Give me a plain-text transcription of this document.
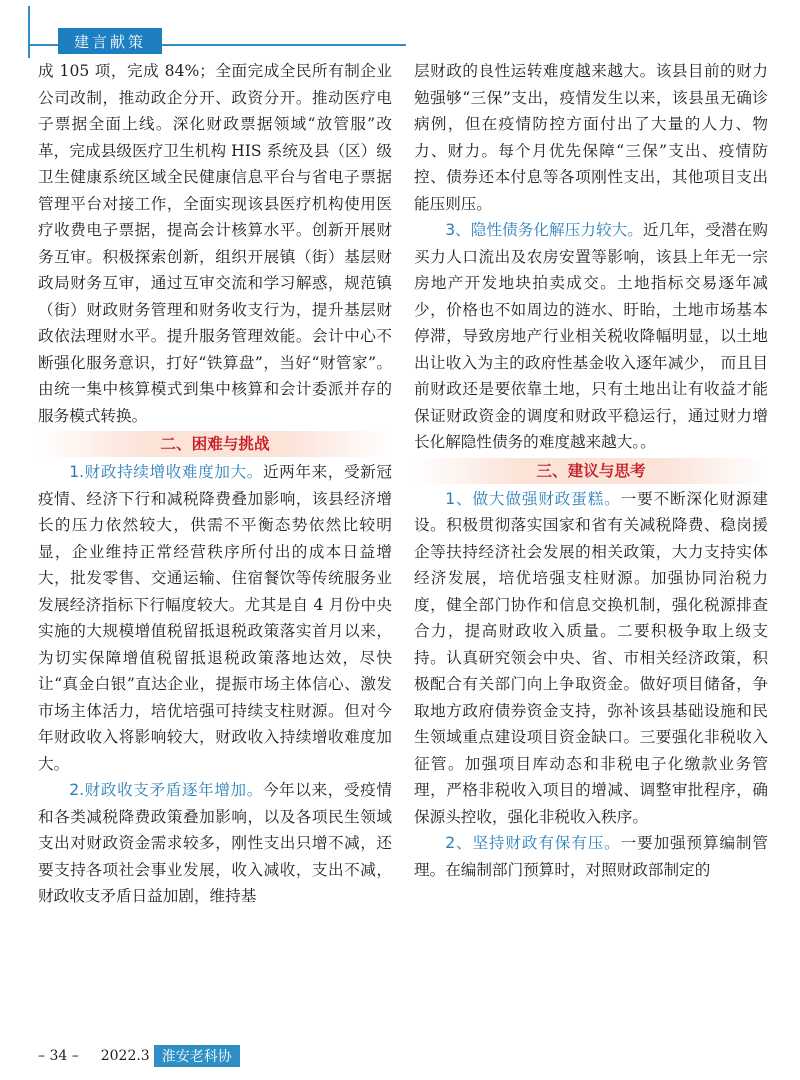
建言献策

成 105 项，完成 84%；全面完成全民所有制企业公司改制，推动政企分开、政资分开。推动医疗电子票据全面上线。深化财政票据领域“放管服”改革，完成县级医疗卫生机构 HIS 系统及县（区）级卫生健康系统区域全民健康信息平台与省电子票据管理平台对接工作，全面实现该县医疗机构使用医疗收费电子票据，提高会计核算水平。创新开展财务互审。积极探索创新，组织开展镇（街）基层财政局财务互审，通过互审交流和学习解惑，规范镇（街）财政财务管理和财务收支行为，提升基层财政依法理财水平。提升服务管理效能。会计中心不断强化服务意识，打好“铁算盘”，当好“财管家”。由统一集中核算模式到集中核算和会计委派并存的服务模式转换。

二、困难与挑战

1.财政持续增收难度加大。近两年来，受新冠疫情、经济下行和减税降费叠加影响，该县经济增长的压力依然较大，供需不平衡态势依然比较明显，企业维持正常经营秩序所付出的成本日益增大，批发零售、交通运输、住宿餐饮等传统服务业发展经济指标下行幅度较大。尤其是自 4 月份中央实施的大规模增值税留抵退税政策落实首月以来，为切实保障增值税留抵退税政策落地达效，尽快让“真金白银”直达企业，提振市场主体信心、激发市场主体活力，培优培强可持续支柱财源。但对今年财政收入将影响较大，财政收入持续增收难度加大。

2.财政收支矛盾逐年增加。今年以来，受疫情和各类减税降费政策叠加影响，以及各项民生领域支出对财政资金需求较多，刚性支出只增不减，还要支持各项社会事业发展，收入减收，支出不减，财政收支矛盾日益加剧，维持基

层财政的良性运转难度越来越大。该县目前的财力勉强够“三保”支出，疫情发生以来，该县虽无确诊病例，但在疫情防控方面付出了大量的人力、物力、财力。每个月优先保障“三保”支出、疫情防控、债券还本付息等各项刚性支出，其他项目支出能压则压。

3、隐性债务化解压力较大。近几年，受潜在购买力人口流出及农房安置等影响，该县上年无一宗房地产开发地块拍卖成交。土地指标交易逐年减少，价格也不如周边的涟水、盱眙，土地市场基本停滞，导致房地产行业相关税收降幅明显，以土地出让收入为主的政府性基金收入逐年减少， 而且目前财政还是要依靠土地，只有土地出让有收益才能保证财政资金的调度和财政平稳运行，通过财力增长化解隐性债务的难度越来越大。。

三、建议与思考

1、做大做强财政蛋糕。一要不断深化财源建设。积极贯彻落实国家和省有关减税降费、稳岗援企等扶持经济社会发展的相关政策，大力支持实体经济发展，培优培强支柱财源。加强协同治税力度，健全部门协作和信息交换机制，强化税源排查合力，提高财政收入质量。二要积极争取上级支持。认真研究领会中央、省、市相关经济政策，积极配合有关部门向上争取资金。做好项目储备，争取地方政府债券资金支持，弥补该县基础设施和民生领域重点建设项目资金缺口。三要强化非税收入征管。加强项目库动态和非税电子化缴款业务管理，严格非税收入项目的增减、调整审批程序，确保源头控收，强化非税收入秩序。

2、坚持财政有保有压。一要加强预算编制管理。在编制部门预算时，对照财政部制定的

– 34 – 2022.3 淮安老科协
